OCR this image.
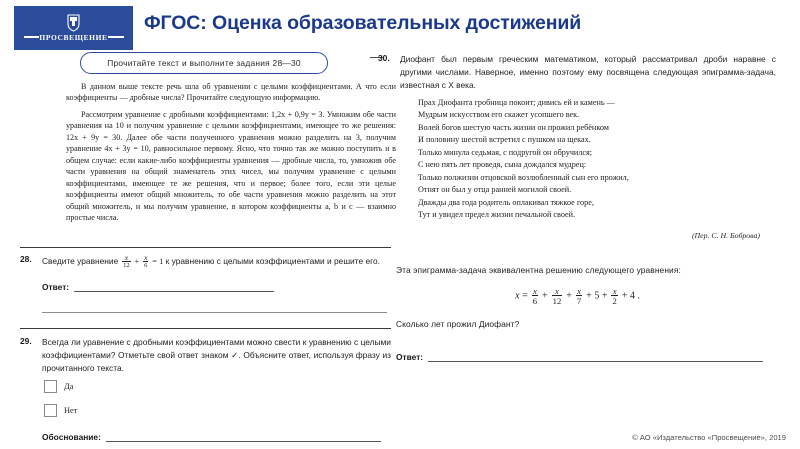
ПРОСВЕЩЕНИЕ
ФГОС: Оценка образовательных достижений
Прочитайте текст и выполните задания 28—30

В данном выше тексте речь шла об уравнении с целыми коэффициентами. А что если коэффициенты — дробные числа? Прочитайте следующую информацию.

Рассмотрим уравнение с дробными коэффициентами: 1,2x + 0,9y = 3. Умножим обе части уравнения на 10 и получим уравнение с целыми коэффициентами, имеющее то же решения: 12x + 9y = 30. Далее обе части полученного уравнения можно разделить на 3, получим уравнение 4x + 3y = 10, равносильное первому. Ясно, что точно так же можно поступить и в общем случае: если какие-либо коэффициенты уравнения — дробные числа, то, умножив обе части уравнения на общий знаменатель этих чисел, мы получим уравнение с целыми коэффициентами, имеющее те же решения, что и первое; более того, если эти целые коэффициенты имеют общий множитель, то обе части уравнения можно разделить на этот общий множитель, и мы получим уравнение, в котором коэффициенты a, b и c — взаимно простые числа.

28. Сведите уравнение $\frac{x}{12} + \frac{x}{6} = 1$ к уравнению с целыми коэффициентами и решите его.
Ответ:
29. Всегда ли уравнение с дробными коэффициентами можно свести к уравнению с целыми коэффициентами? Отметьте свой ответ знаком ✓. Объясните ответ, используя фразу из прочитанного текста.
Да
Нет
Обоснование:
30. Диофант был первым греческим математиком, который рассматривал дроби наравне с другими числами. Наверное, именно поэтому ему посвящена следующая эпиграмма-задача, известная с X века.
Прах Диофанта гробница покоит; дивись ей и камень —
Мудрым искусством его скажет усопшего век.
Волей богов шестую часть жизни он прожил ребёнком
И половину шестой встретил с пушком на щеках.
Только минула седьмая, с подругой он обручился;
С нею пять лет проведя, сына дождался мудрец:
Только полжизни отцовской возлюбленный сын его прожил,
Отнят он был у отца ранней могилой своей.
Дважды два года родитель оплакивал тяжкое горе,
Тут и увидел предел жизни печальной своей.
(Пер. С. Н. Боброва)
Эта эпиграмма-задача эквивалентна решению следующего уравнения:
$x = \frac{x}{6} + \frac{x}{12} + \frac{x}{7} + 5 + \frac{x}{2} + 4$ .
Сколько лет прожил Диофант?
Ответ:
© АО «Издательство «Просвещение», 2019
